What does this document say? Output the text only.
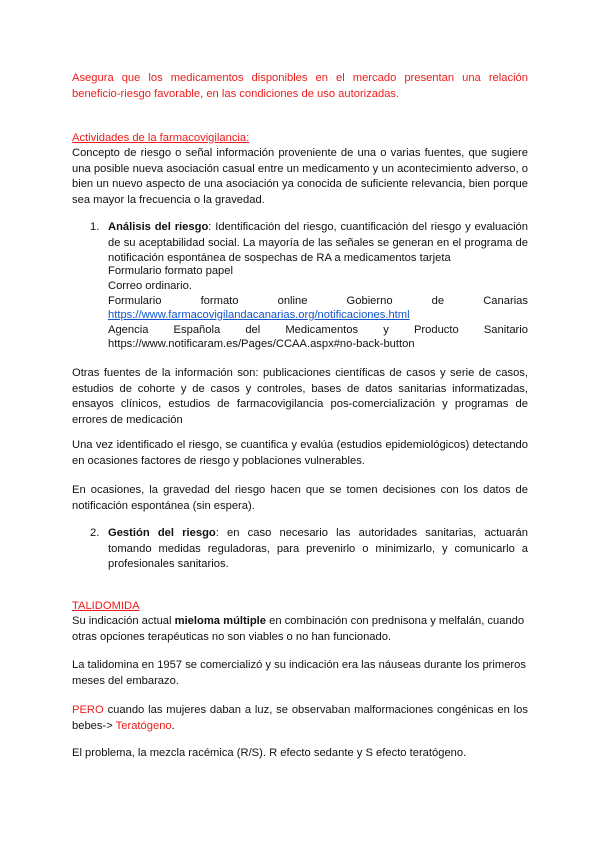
Asegura que los medicamentos disponibles en el mercado presentan una relación beneficio-riesgo favorable, en las condiciones de uso autorizadas.
Actividades de la farmacovigilancia:
Concepto de riesgo o señal información proveniente de una o varias fuentes, que sugiere una posible nueva asociación casual entre un medicamento y un acontecimiento adverso, o bien un nuevo aspecto de una asociación ya conocida de suficiente relevancia, bien porque sea mayor la frecuencia o la gravedad.
1. Análisis del riesgo: Identificación del riesgo, cuantificación del riesgo y evaluación de su aceptabilidad social. La mayoría de las señales se generan en el programa de notificación espontánea de sospechas de RA a medicamentos tarjeta
Formulario formato papel
Correo ordinario.
Formulario	formato	online	Gobierno	de	Canarias
https://www.farmacovigilandacanarias.org/notificaciones.html
Agencia Española del Medicamentos y Producto Sanitario
https://www.notificaram.es/Pages/CCAA.aspx#no-back-button
Otras fuentes de la información son: publicaciones científicas de casos y serie de casos, estudios de cohorte y de casos y controles, bases de datos sanitarias informatizadas, ensayos clínicos, estudios de farmacovigilancia pos-comercialización y programas de errores de medicación
Una vez identificado el riesgo, se cuantifica y evalúa (estudios epidemiológicos) detectando en ocasiones factores de riesgo y poblaciones vulnerables.
En ocasiones, la gravedad del riesgo hacen que se tomen decisiones con los datos de notificación espontánea (sin espera).
2. Gestión del riesgo: en caso necesario las autoridades sanitarias, actuarán tomando medidas reguladoras, para prevenirlo o minimizarlo, y comunicarlo a profesionales sanitarios.
TALIDOMIDA
Su indicación actual mieloma múltiple en combinación con prednisona y melfalán, cuando otras opciones terapéuticas no son viables o no han funcionado.
La talidomina en 1957 se comercializó y su indicación era las náuseas durante los primeros meses del embarazo.
PERO cuando las mujeres daban a luz, se observaban malformaciones congénicas en los bebes-> Teratógeno.
El problema, la mezcla racémica (R/S). R efecto sedante y S efecto teratógeno.
